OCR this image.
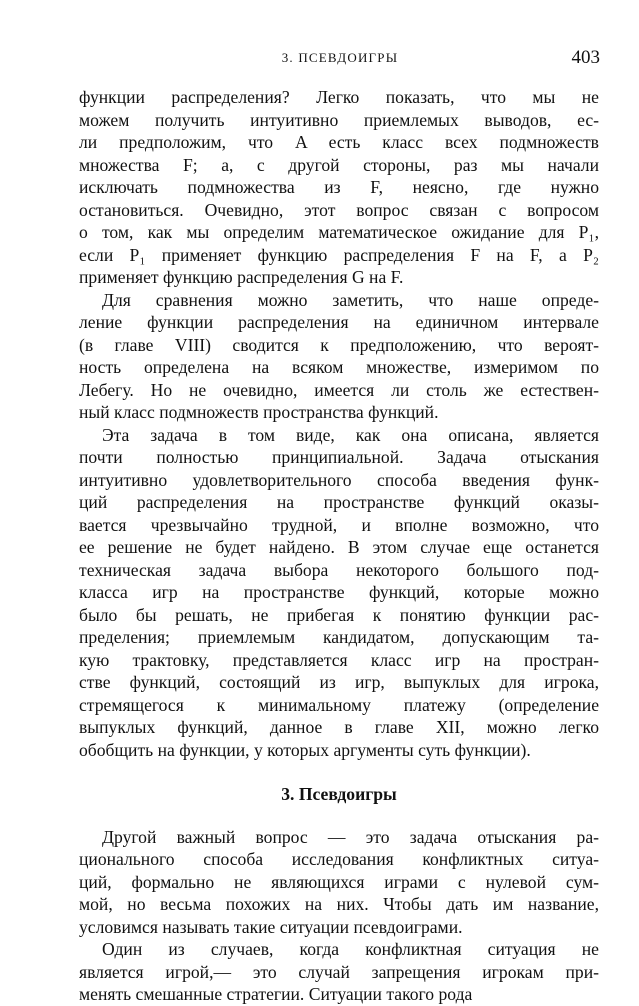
3. ПСЕВДОИГРЫ	403
функции распределения? Легко показать, что мы не
можем получить интуитивно приемлемых выводов, ес-
ли предположим, что A есть класс всех подмножеств
множества F; а, с другой стороны, раз мы начали
исключать подмножества из F, неясно, где нужно
остановиться. Очевидно, этот вопрос связан с вопросом
о том, как мы определим математическое ожидание для P₁,
если P₁ применяет функцию распределения F на F, а P₂
применяет функцию распределения G на F.
Для сравнения можно заметить, что наше опреде-
ление функции распределения на единичном интервале
(в главе VIII) сводится к предположению, что вероят-
ность определена на всяком множестве, измеримом по
Лебегу. Но не очевидно, имеется ли столь же естествен-
ный класс подмножеств пространства функций.
Эта задача в том виде, как она описана, является
почти полностью принципиальной. Задача отыскания
интуитивно удовлетворительного способа введения функ-
ций распределения на пространстве функций оказы-
вается чрезвычайно трудной, и вполне возможно, что
ее решение не будет найдено. В этом случае еще останется
техническая задача выбора некоторого большого под-
класса игр на пространстве функций, которые можно
было бы решать, не прибегая к понятию функции рас-
пределения; приемлемым кандидатом, допускающим та-
кую трактовку, представляется класс игр на простран-
стве функций, состоящий из игр, выпуклых для игрока,
стремящегося к минимальному платежу (определение
выпуклых функций, данное в главе XII, можно легко
обобщить на функции, у которых аргументы суть функции).
3. Псевдоигры
Другой важный вопрос — это задача отыскания ра-
ционального способа исследования конфликтных ситуа-
ций, формально не являющихся играми с нулевой сум-
мой, но весьма похожих на них. Чтобы дать им название,
условимся называть такие ситуации псевдоиграми.
Один из случаев, когда конфликтная ситуация не
является игрой,— это случай запрещения игрокам при-
менять смешанные стратегии. Ситуации такого рода
